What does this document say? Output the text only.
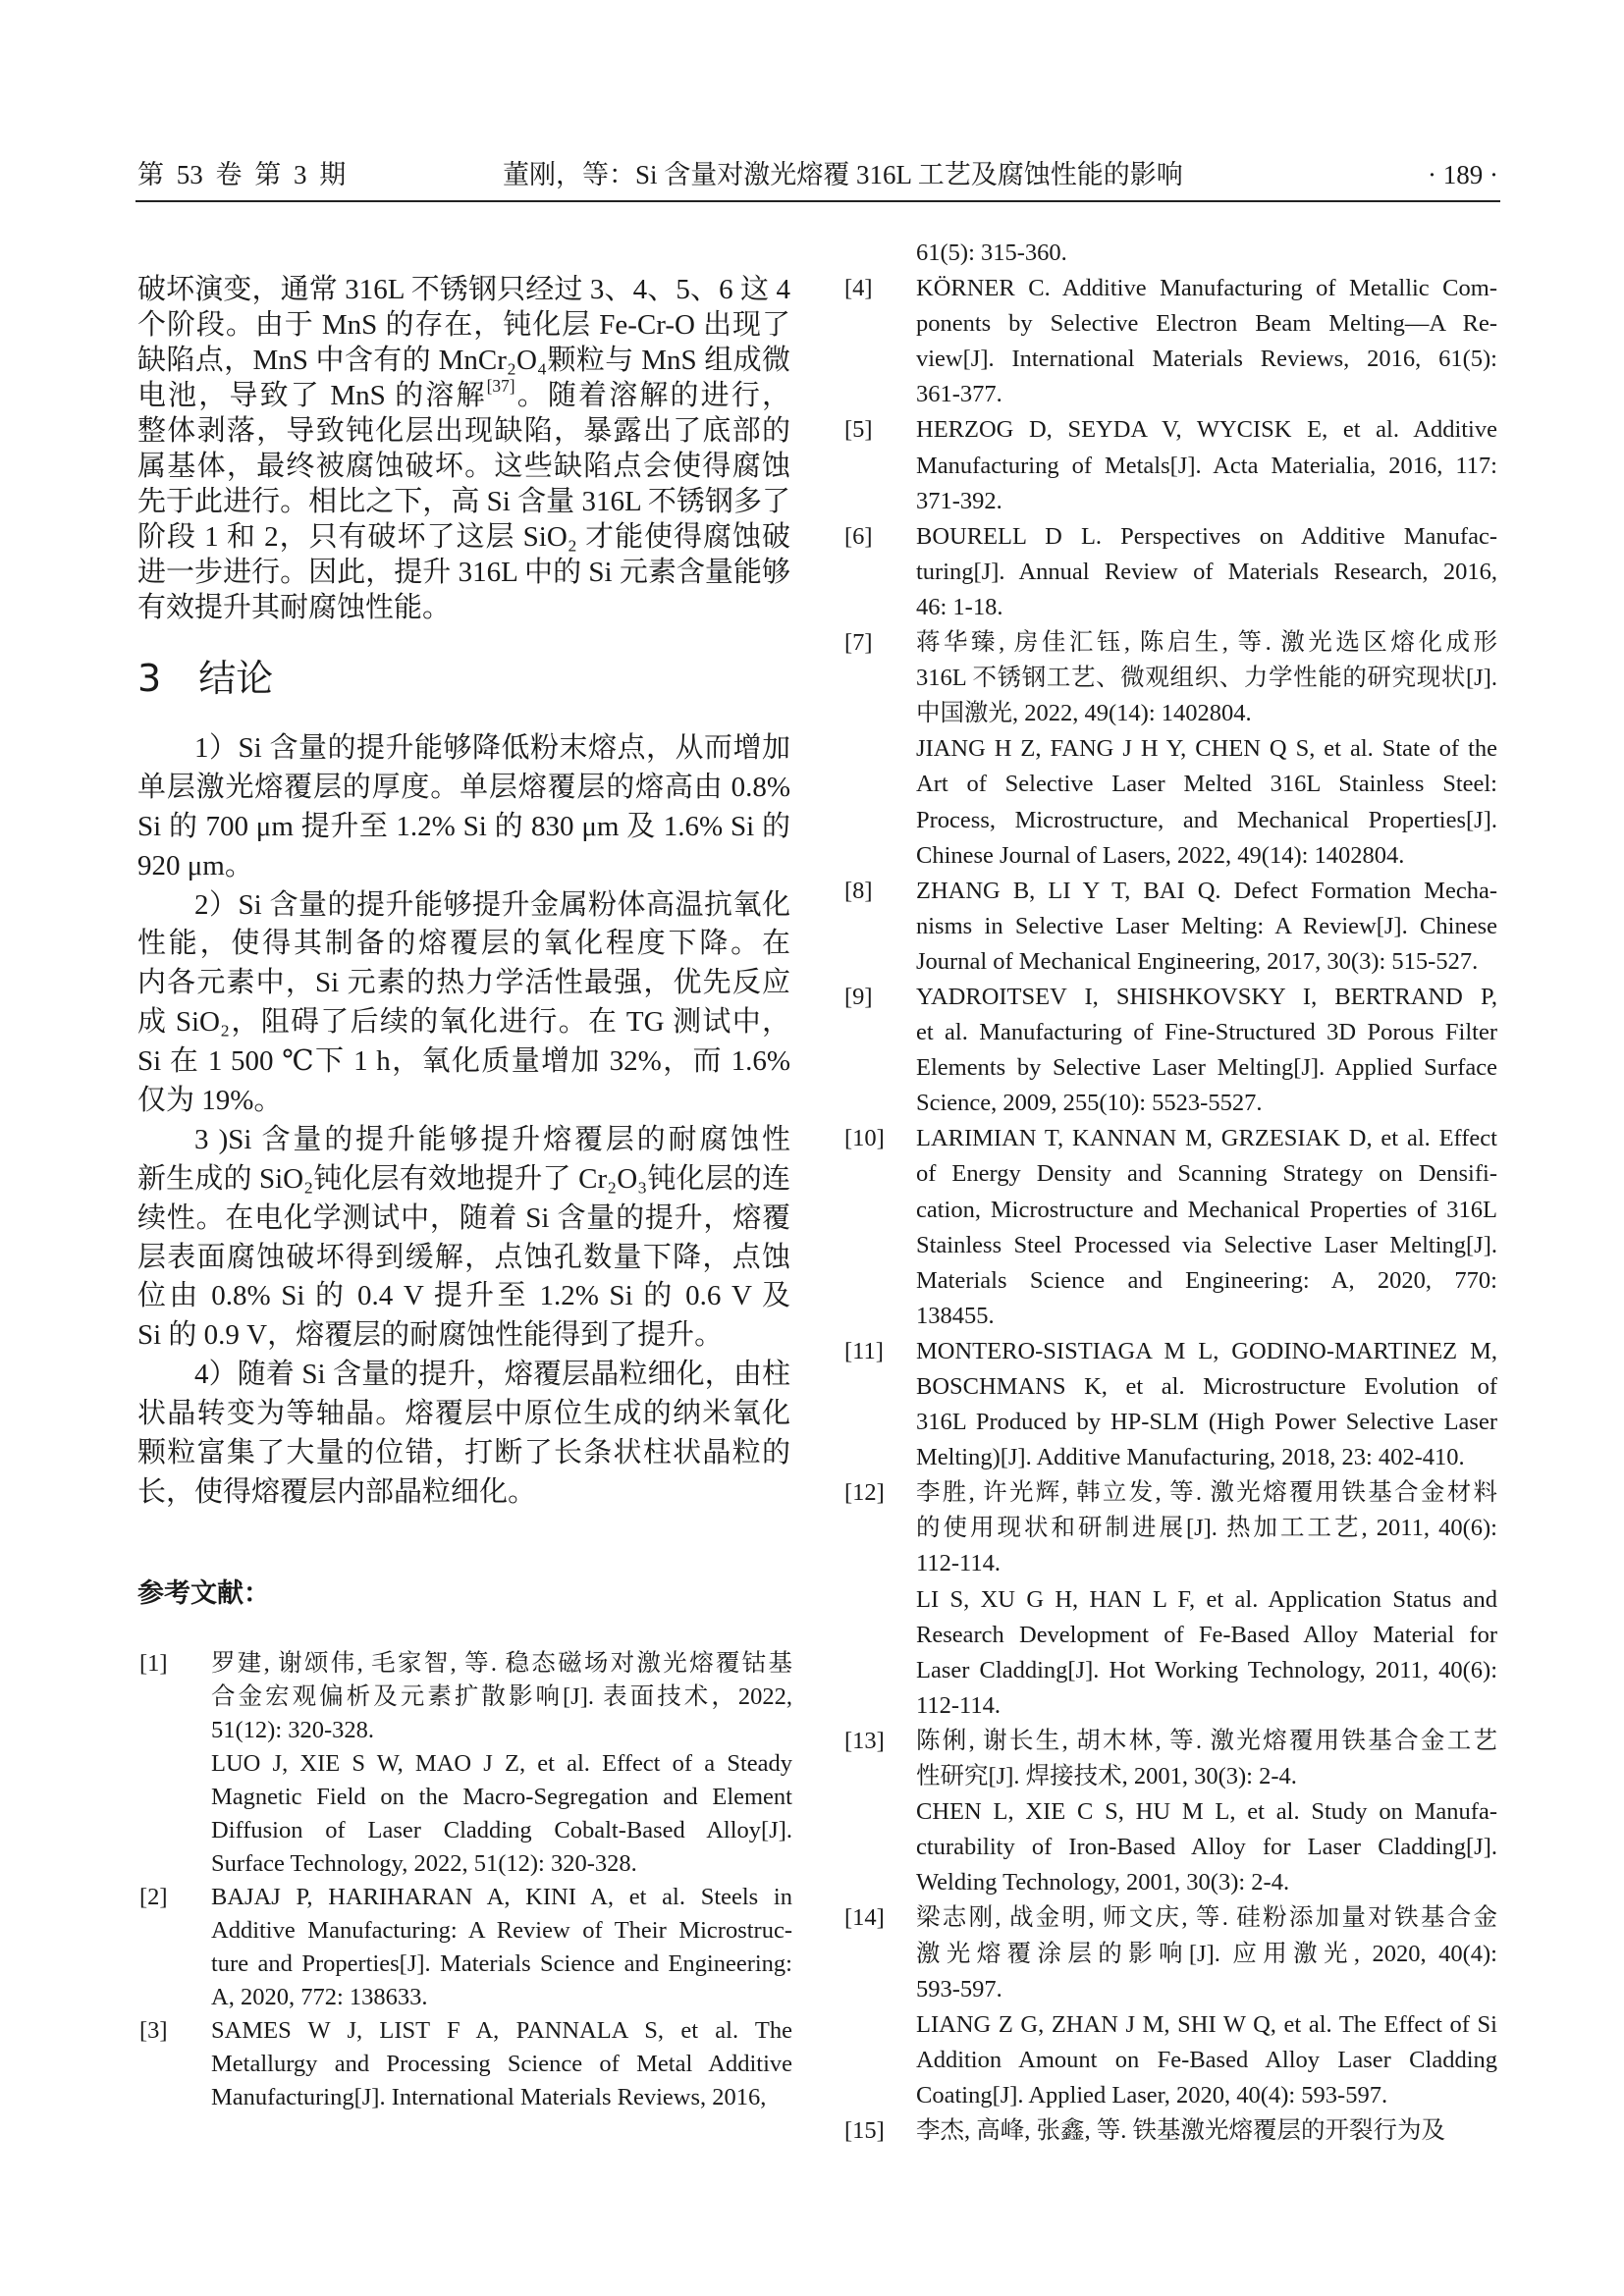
第 53 卷 第 3 期	董刚，等：Si 含量对激光熔覆 316L 工艺及腐蚀性能的影响	· 189 ·
破坏演变，通常 316L 不锈钢只经过 3、4、5、6 这 4
个阶段。由于 MnS 的存在，钝化层 Fe-Cr-O 出现了
缺陷点，MnS 中含有的 MnCr₂O₄颗粒与 MnS 组成微
电池，导致了 MnS 的溶解[37]。随着溶解的进行，
整体剥落，导致钝化层出现缺陷，暴露出了底部的
属基体，最终被腐蚀破坏。这些缺陷点会使得腐蚀
先于此进行。相比之下，高 Si 含量 316L 不锈钢多了
阶段 1 和 2，只有破坏了这层 SiO₂ 才能使得腐蚀破
进一步进行。因此，提升 316L 中的 Si 元素含量能够
有效提升其耐腐蚀性能。
3 结论
1）Si 含量的提升能够降低粉末熔点，从而增加
单层激光熔覆层的厚度。单层熔覆层的熔高由 0.8%
Si 的 700 μm 提升至 1.2% Si 的 830 μm 及 1.6% Si 的
920 μm。
2）Si 含量的提升能够提升金属粉体高温抗氧化
性能，使得其制备的熔覆层的氧化程度下降。在
内各元素中，Si 元素的热力学活性最强，优先反应
成 SiO₂，阻碍了后续的氧化进行。在 TG 测试中，
Si 在 1 500 ℃下 1 h，氧化质量增加 32%，而 1.6%
仅为 19%。
3 )Si 含量的提升能够提升熔覆层的耐腐蚀性
新生成的 SiO₂钝化层有效地提升了 Cr₂O₃钝化层的连
续性。在电化学测试中，随着 Si 含量的提升，熔覆
层表面腐蚀破坏得到缓解，点蚀孔数量下降，点蚀
位由 0.8% Si 的 0.4 V 提升至 1.2% Si 的 0.6 V 及
Si 的 0.9 V，熔覆层的耐腐蚀性能得到了提升。
4）随着 Si 含量的提升，熔覆层晶粒细化，由柱
状晶转变为等轴晶。熔覆层中原位生成的纳米氧化
颗粒富集了大量的位错，打断了长条状柱状晶粒的
长，使得熔覆层内部晶粒细化。
参考文献：
[1] 罗建, 谢颂伟, 毛家智, 等. 稳态磁场对激光熔覆钴基
合金宏观偏析及元素扩散影响[J]. 表面技术，2022,
51(12): 320-328.
LUO J, XIE S W, MAO J Z, et al. Effect of a Steady
Magnetic Field on the Macro-Segregation and Element
Diffusion of Laser Cladding Cobalt-Based Alloy[J].
Surface Technology, 2022, 51(12): 320-328.
[2] BAJAJ P, HARIHARAN A, KINI A, et al. Steels in
Additive Manufacturing: A Review of Their Microstruc-
ture and Properties[J]. Materials Science and Engineering:
A, 2020, 772: 138633.
[3] SAMES W J, LIST F A, PANNALA S, et al. The
Metallurgy and Processing Science of Metal Additive
Manufacturing[J]. International Materials Reviews, 2016,
61(5): 315-360.
[4] KÖRNER C. Additive Manufacturing of Metallic Com-
ponents by Selective Electron Beam Melting—A Re-
view[J]. International Materials Reviews, 2016, 61(5):
361-377.
[5] HERZOG D, SEYDA V, WYCISK E, et al. Additive
Manufacturing of Metals[J]. Acta Materialia, 2016, 117:
371-392.
[6] BOURELL D L. Perspectives on Additive Manufac-
turing[J]. Annual Review of Materials Research, 2016,
46: 1-18.
[7] 蒋华臻, 房佳汇钰, 陈启生, 等. 激光选区熔化成形
316L 不锈钢工艺、微观组织、力学性能的研究现状[J].
中国激光, 2022, 49(14): 1402804.
JIANG H Z, FANG J H Y, CHEN Q S, et al. State of the
Art of Selective Laser Melted 316L Stainless Steel:
Process, Microstructure, and Mechanical Properties[J].
Chinese Journal of Lasers, 2022, 49(14): 1402804.
[8] ZHANG B, LI Y T, BAI Q. Defect Formation Mecha-
nisms in Selective Laser Melting: A Review[J]. Chinese
Journal of Mechanical Engineering, 2017, 30(3): 515-527.
[9] YADROITSEV I, SHISHKOVSKY I, BERTRAND P,
et al. Manufacturing of Fine-Structured 3D Porous Filter
Elements by Selective Laser Melting[J]. Applied Surface
Science, 2009, 255(10): 5523-5527.
[10] LARIMIAN T, KANNAN M, GRZESIAK D, et al. Effect
of Energy Density and Scanning Strategy on Densifi-
cation, Microstructure and Mechanical Properties of 316L
Stainless Steel Processed via Selective Laser Melting[J].
Materials Science and Engineering: A, 2020, 770:
138455.
[11] MONTERO-SISTIAGA M L, GODINO-MARTINEZ M,
BOSCHMANS K, et al. Microstructure Evolution of
316L Produced by HP-SLM (High Power Selective Laser
Melting)[J]. Additive Manufacturing, 2018, 23: 402-410.
[12] 李胜, 许光辉, 韩立发, 等. 激光熔覆用铁基合金材料
的使用现状和研制进展[J]. 热加工工艺, 2011, 40(6):
112-114.
LI S, XU G H, HAN L F, et al. Application Status and
Research Development of Fe-Based Alloy Material for
Laser Cladding[J]. Hot Working Technology, 2011, 40(6):
112-114.
[13] 陈俐, 谢长生, 胡木林, 等. 激光熔覆用铁基合金工艺
性研究[J]. 焊接技术, 2001, 30(3): 2-4.
CHEN L, XIE C S, HU M L, et al. Study on Manufa-
cturability of Iron-Based Alloy for Laser Cladding[J].
Welding Technology, 2001, 30(3): 2-4.
[14] 梁志刚, 战金明, 师文庆, 等. 硅粉添加量对铁基合金
激光熔覆涂层的影响[J]. 应用激光, 2020, 40(4):
593-597.
LIANG Z G, ZHAN J M, SHI W Q, et al. The Effect of Si
Addition Amount on Fe-Based Alloy Laser Cladding
Coating[J]. Applied Laser, 2020, 40(4): 593-597.
[15] 李杰, 高峰, 张鑫, 等. 铁基激光熔覆层的开裂行为及
